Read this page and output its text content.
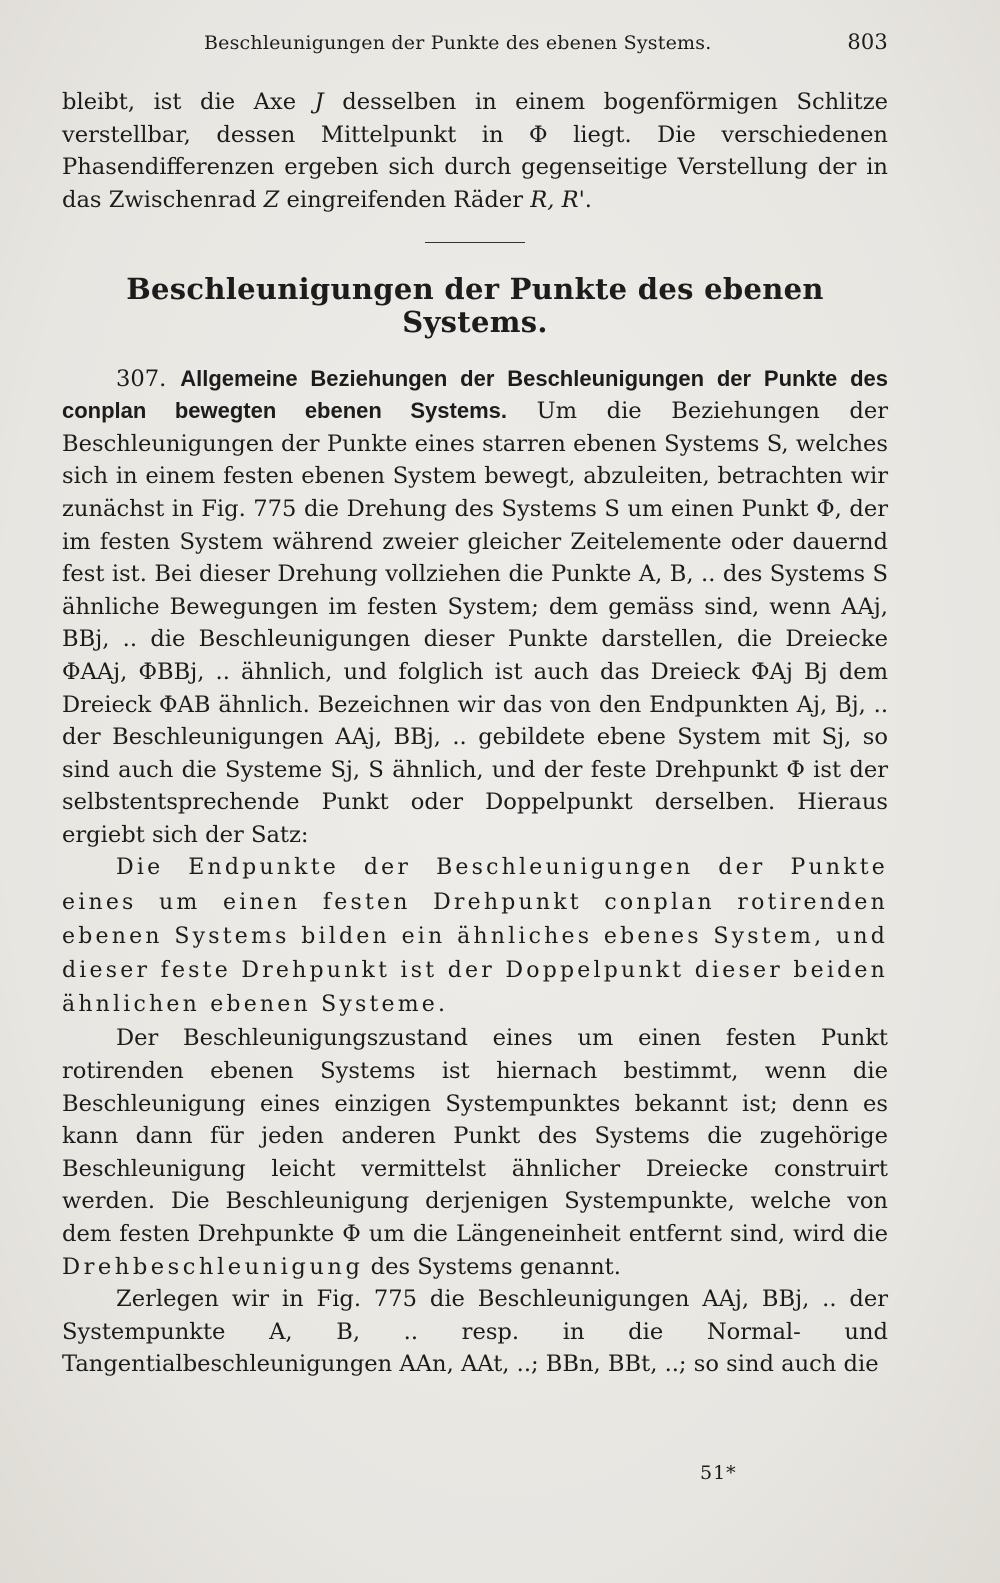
Beschleunigungen der Punkte des ebenen Systems.	803

bleibt, ist die Axe J desselben in einem bogenförmigen Schlitze verstellbar, dessen Mittelpunkt in Φ liegt. Die verschiedenen Phasendifferenzen ergeben sich durch gegenseitige Verstellung der in das Zwischenrad Z eingreifenden Räder R, R'.

Beschleunigungen der Punkte des ebenen Systems.

307. Allgemeine Beziehungen der Beschleunigungen der Punkte des conplan bewegten ebenen Systems. Um die Beziehungen der Beschleunigungen der Punkte eines starren ebenen Systems S, welches sich in einem festen ebenen System bewegt, abzuleiten, betrachten wir zunächst in Fig. 775 die Drehung des Systems S um einen Punkt Φ, der im festen System während zweier gleicher Zeitelemente oder dauernd fest ist. Bei dieser Drehung vollziehen die Punkte A, B, .. des Systems S ähnliche Bewegungen im festen System; dem gemäss sind, wenn AAj, BBj, .. die Beschleunigungen dieser Punkte darstellen, die Dreiecke ΦAAj, ΦBBj, .. ähnlich, und folglich ist auch das Dreieck ΦAj Bj dem Dreieck ΦAB ähnlich. Bezeichnen wir das von den Endpunkten Aj, Bj, .. der Beschleunigungen AAj, BBj, .. gebildete ebene System mit Sj, so sind auch die Systeme Sj, S ähnlich, und der feste Drehpunkt Φ ist der selbstentsprechende Punkt oder Doppelpunkt derselben. Hieraus ergiebt sich der Satz:

Die Endpunkte der Beschleunigungen der Punkte eines um einen festen Drehpunkt conplan rotirenden ebenen Systems bilden ein ähnliches ebenes System, und dieser feste Drehpunkt ist der Doppelpunkt dieser beiden ähnlichen ebenen Systeme.

Der Beschleunigungszustand eines um einen festen Punkt rotirenden ebenen Systems ist hiernach bestimmt, wenn die Beschleunigung eines einzigen Systempunktes bekannt ist; denn es kann dann für jeden anderen Punkt des Systems die zugehörige Beschleunigung leicht vermittelst ähnlicher Dreiecke construirt werden. Die Beschleunigung derjenigen Systempunkte, welche von dem festen Drehpunkte Φ um die Längeneinheit entfernt sind, wird die Drehbeschleunigung des Systems genannt.

Zerlegen wir in Fig. 775 die Beschleunigungen AAj, BBj, .. der Systempunkte A, B, .. resp. in die Normal- und Tangentialbeschleunigungen AAn, AAt, ..; BBn, BBt, ..; so sind auch die

51*
